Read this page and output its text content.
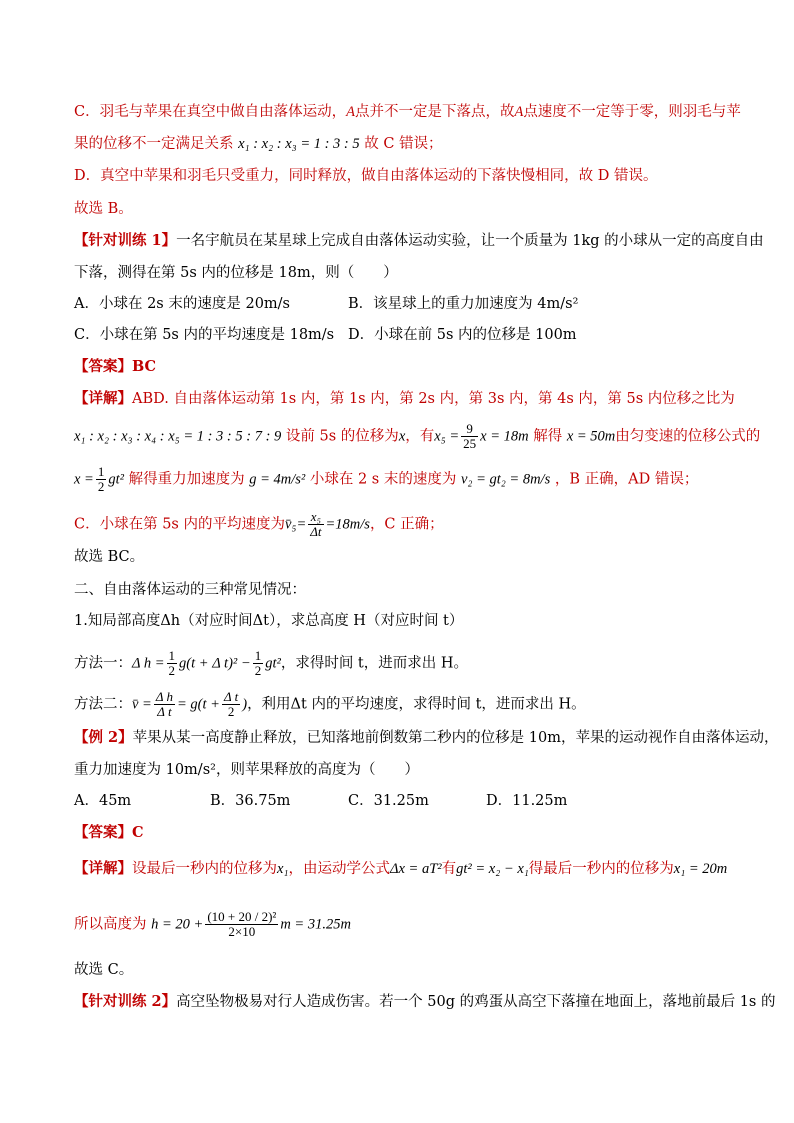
C．羽毛与苹果在真空中做自由落体运动，A点并不一定是下落点，故A点速度不一定等于零，则羽毛与苹
果的位移不一定满足关系 x₁ : x₂ : x₃ = 1 : 3 : 5 故 C 错误；
D．真空中苹果和羽毛只受重力，同时释放，做自由落体运动的下落快慢相同，故 D 错误。
故选 B。
【针对训练 1】一名宇航员在某星球上完成自由落体运动实验，让一个质量为 1kg 的小球从一定的高度自由
下落，测得在第 5s 内的位移是 18m，则（　　）
A．小球在 2s 末的速度是 20m/s	B．该星球上的重力加速度为 4m/s²
C．小球在第 5s 内的平均速度是 18m/s D．小球在前 5s 内的位移是 100m
【答案】BC
【详解】ABD. 自由落体运动第 1s 内，第 1s 内，第 2s 内，第 3s 内，第 4s 内，第 5s 内位移之比为
x₁ : x₂ : x₃ : x₄ : x₅ = 1 : 3 : 5 : 7 : 9 设前 5s 的位移为x，有$x_5 = \frac{9}{25}$ x = 18m 解得 x = 50m由匀变速的位移公式的
$x = \frac{1}{2} gt^2$ 解得重力加速度为 g = 4m/s² 小球在 2 s 末的速度为 v₂ = gt₂ = 8m/s ，B 正确，AD 错误；
C．小球在第 5s 内的平均速度为v̄₅= $\frac{\text{x₅}}{\Delta t} =18m/s$，C 正确；
故选 BC。
二、自由落体运动的三种常见情况：
1.知局部高度Δh（对应时间Δt），求总高度 H（对应时间 t）
方法一：Δ $h = \frac{1}{2} g(t + \Delta$ $t)^2 - \frac{1}{2} gt^2$，求得时间 t，进而求出 H。
方法二：v̄ = $\frac{\text{Δ h}}{\text{Δ t}} = g(t + \frac{\text{Δ t}}{2}$ )，利用Δt 内的平均速度，求得时间 t，进而求出 H。
【例 2】苹果从某一高度静止释放，已知落地前倒数第二秒内的位移是 10m，苹果的运动视作自由落体运动，
重力加速度为 10m/s²，则苹果释放的高度为（　　）
A．45m	B．36.75m	C．31.25m	D．11.25m
【答案】C
【详解】设最后一秒内的位移为x₁，由运动学公式Δx = aT²有gt² = x₂ − x₁得最后一秒内的位移为x₁ = 20m
所以高度为 $h = 20 + \frac{\text{(10 + 20 / 2)²}}{2\times 10}$ m = 31.25m
故选 C。
【针对训练 2】高空坠物极易对行人造成伤害。若一个 50g 的鸡蛋从高空下落撞在地面上，落地前最后 1s 的
